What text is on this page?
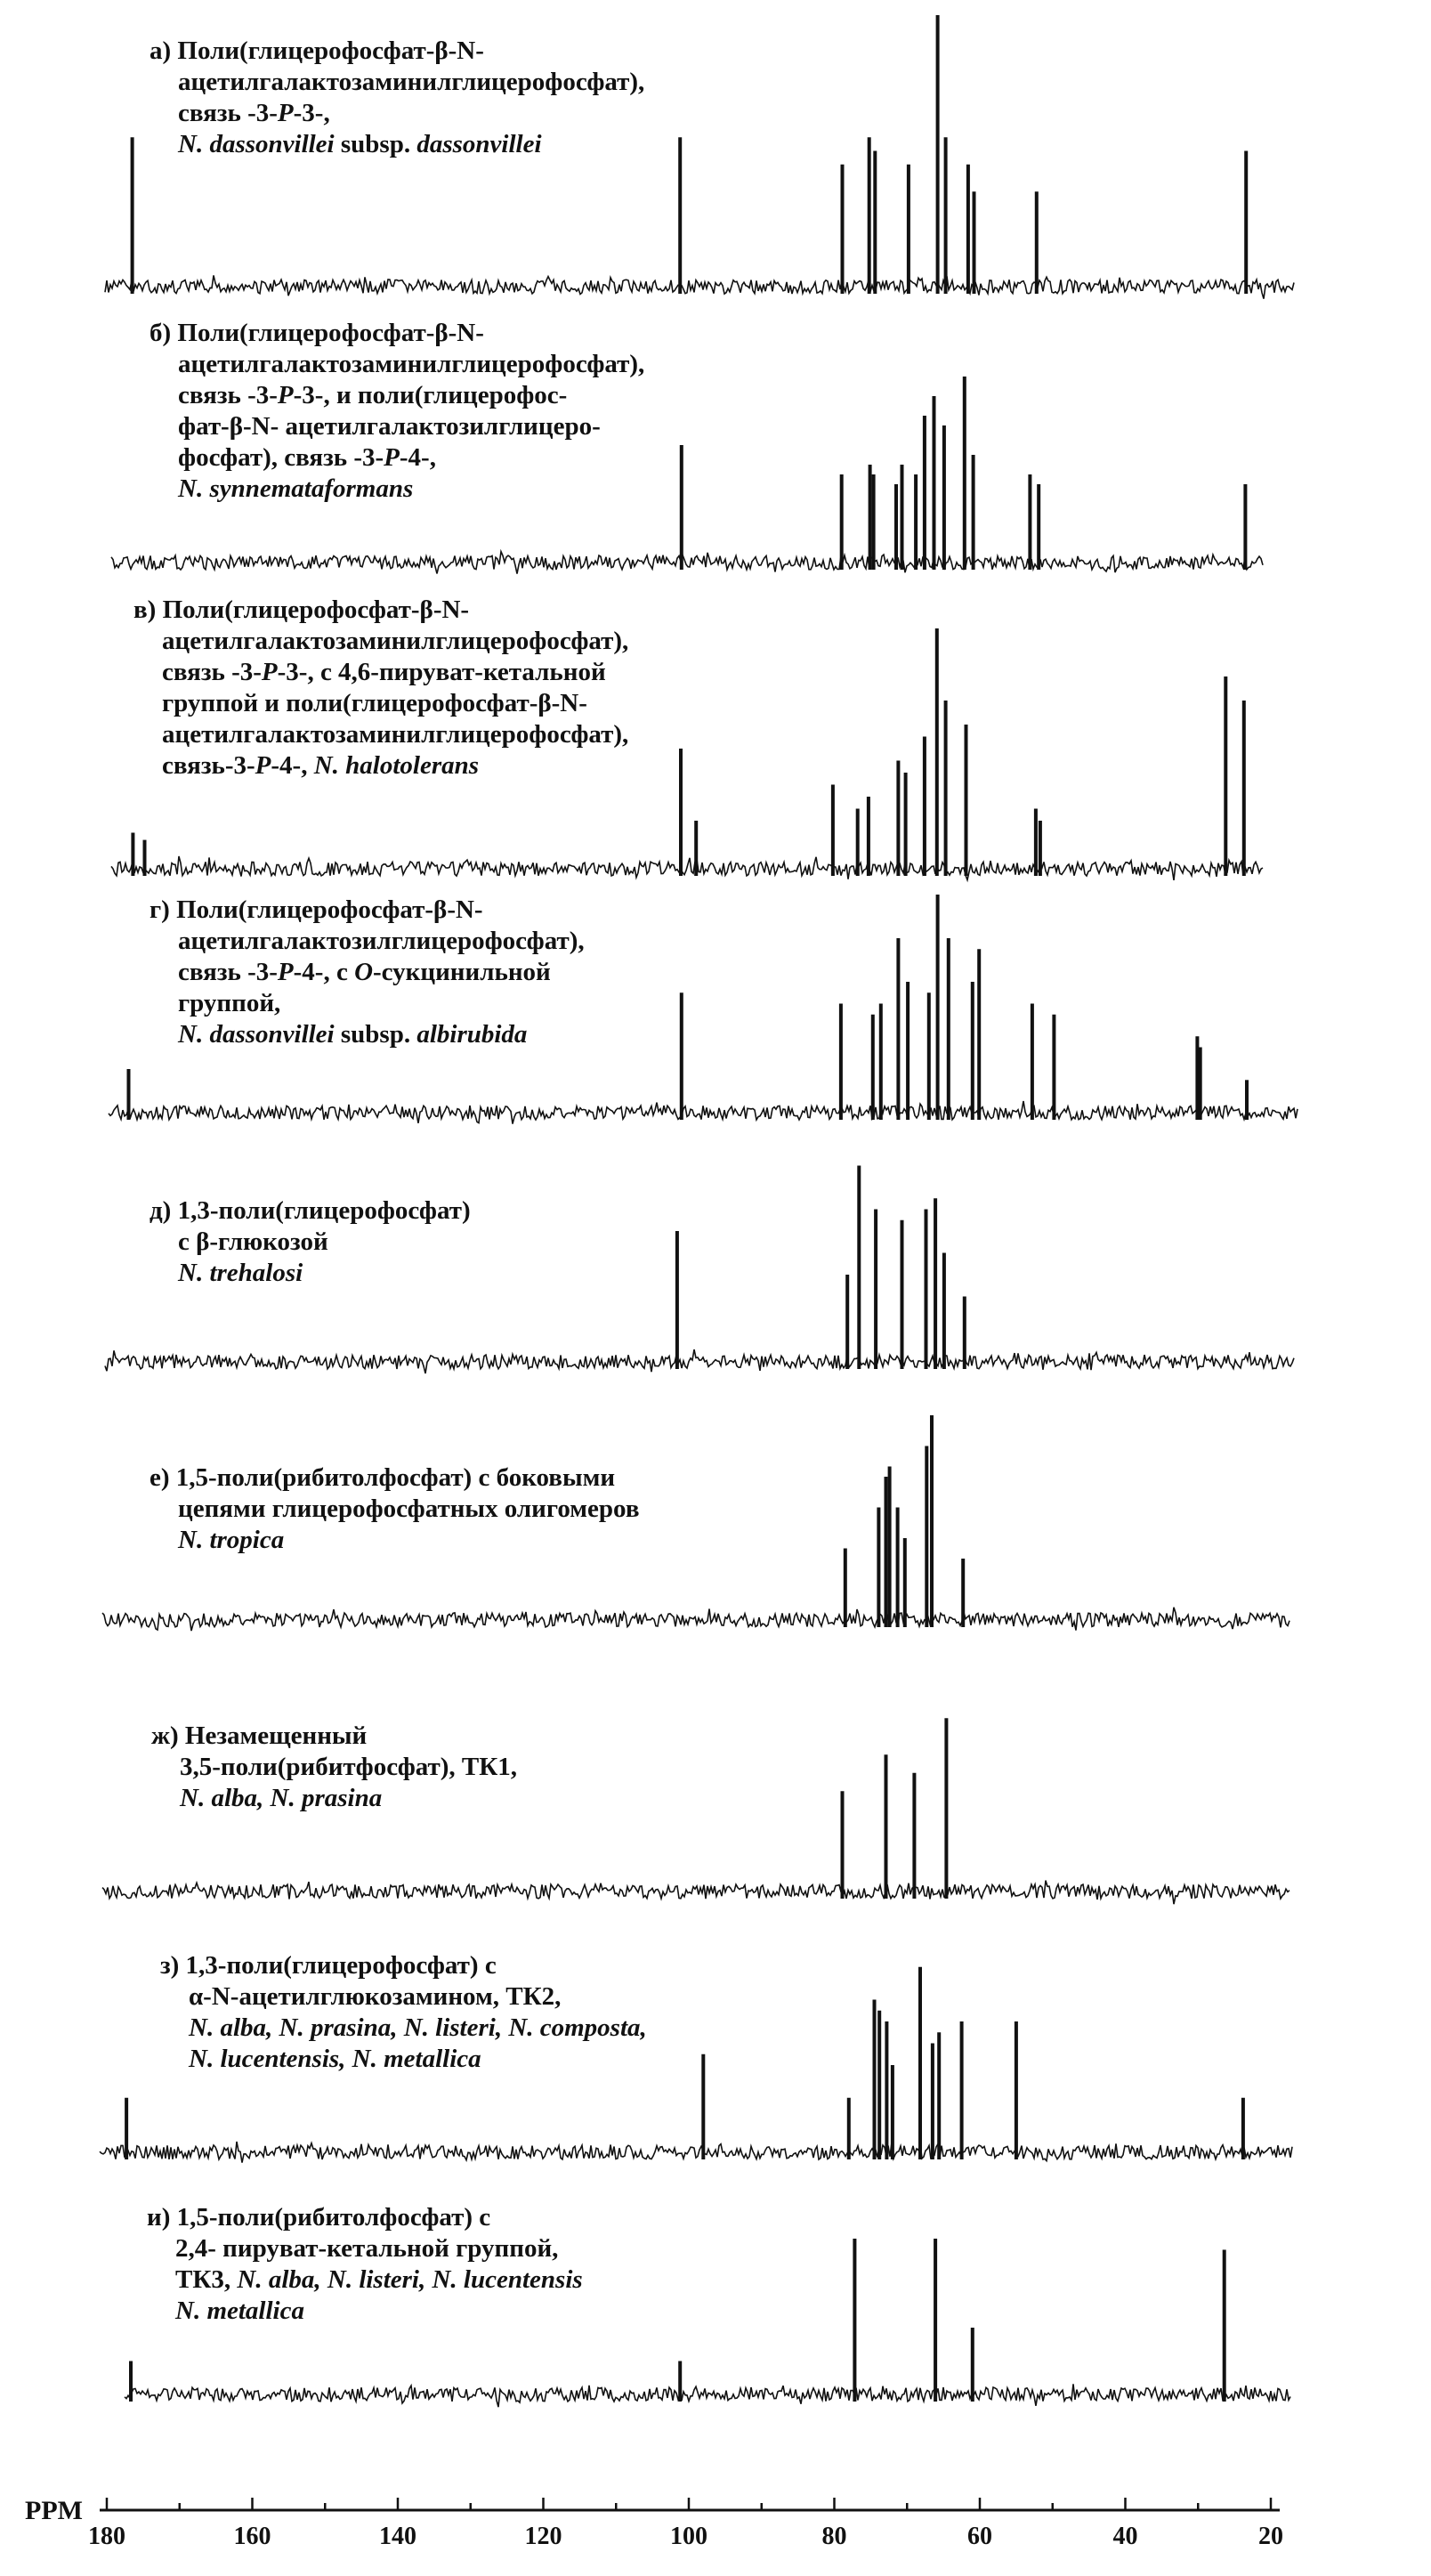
180	160	140	120	100	80	60	40	20
PPM
а) Поли(глицерофосфат-β-N-
ацетилгалактозаминилглицерофосфат),
связь -3-P-3-,
N. dassonvillei subsp. dassonvillei
б) Поли(глицерофосфат-β-N-
ацетилгалактозаминилглицерофосфат),
связь -3-P-3-, и поли(глицерофос-
фат-β-N- ацетилгалактозилглицеро-
фосфат), связь -3-P-4-,
N. synnemataformans
в) Поли(глицерофосфат-β-N-
ацетилгалактозаминилглицерофосфат),
связь -3-P-3-, с 4,6-пируват-кетальной
группой и поли(глицерофосфат-β-N-
ацетилгалактозаминилглицерофосфат),
связь-3-P-4-, N. halotolerans
г) Поли(глицерофосфат-β-N-
ацетилгалактозилглицерофосфат),
связь -3-P-4-, с O-сукцинильной
группой,
N. dassonvillei subsp. albirubida
д) 1,3-поли(глицерофосфат)
с β-глюкозой
N. trehalosi
е) 1,5-поли(рибитолфосфат) с боковыми
цепями глицерофосфатных олигомеров
N. tropica
ж) Незамещенный
3,5-поли(рибитфосфат), ТК1,
N. alba, N. prasina
з) 1,3-поли(глицерофосфат) с
α-N-ацетилглюкозамином, ТК2,
N. alba, N. prasina, N. listeri, N. composta,
N. lucentensis, N. metallica
и) 1,5-поли(рибитолфосфат) с
2,4- пируват-кетальной группой,
ТК3, N. alba, N. listeri, N. lucentensis
N. metallica
